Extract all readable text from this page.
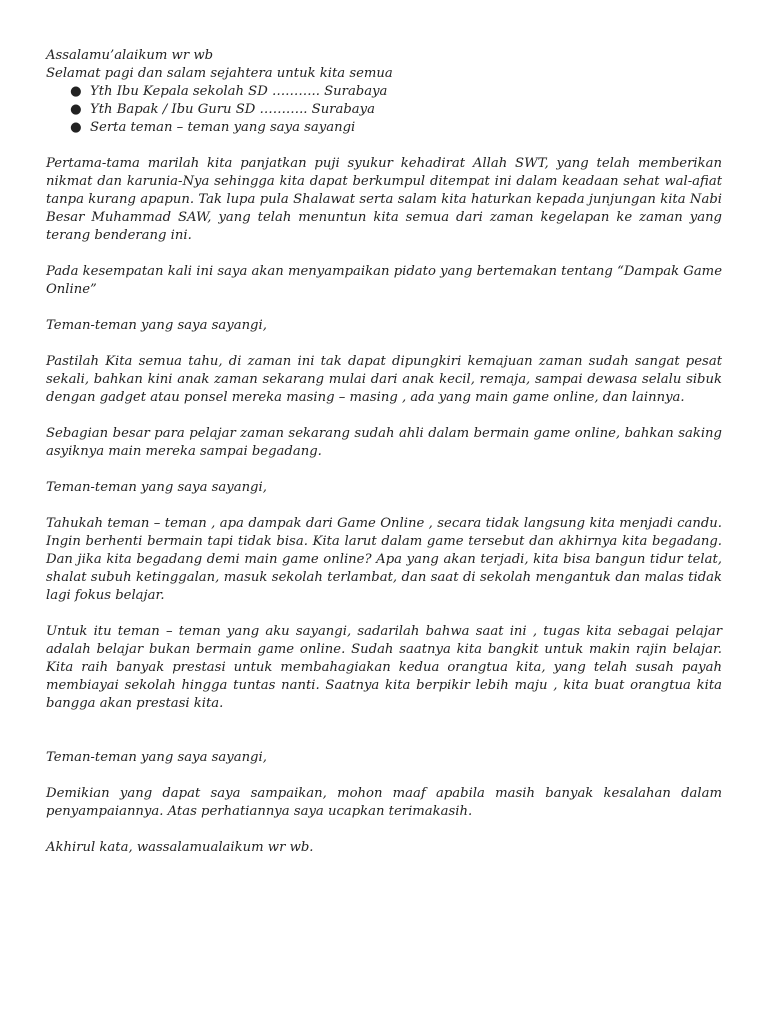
Assalamu’alaikum wr wb
Selamat pagi dan salam sejahtera untuk kita semua
● Yth Ibu Kepala sekolah SD ……….. Surabaya
● Yth Bapak / Ibu Guru SD ……….. Surabaya
● Serta teman – teman yang saya sayangi

Pertama-tama marilah kita panjatkan puji syukur kehadirat Allah SWT, yang telah memberikan nikmat dan karunia-Nya sehingga kita dapat berkumpul ditempat ini dalam keadaan sehat wal-afiat tanpa kurang apapun. Tak lupa pula Shalawat serta salam kita haturkan kepada junjungan kita Nabi Besar Muhammad SAW, yang telah menuntun kita semua dari zaman kegelapan ke zaman yang terang benderang ini.

Pada kesempatan kali ini saya akan menyampaikan pidato yang bertemakan tentang “Dampak Game Online”

Teman-teman yang saya sayangi,

Pastilah Kita semua tahu, di zaman ini tak dapat dipungkiri kemajuan zaman sudah sangat pesat sekali, bahkan kini anak zaman sekarang mulai dari anak kecil, remaja, sampai dewasa selalu sibuk dengan gadget atau ponsel mereka masing – masing , ada yang main game online, dan lainnya.

Sebagian besar para pelajar zaman sekarang sudah ahli dalam bermain game online, bahkan saking asyiknya main mereka sampai begadang.

Teman-teman yang saya sayangi,

Tahukah teman – teman , apa dampak dari Game Online , secara tidak langsung kita menjadi candu. Ingin berhenti bermain tapi tidak bisa. Kita larut dalam game tersebut dan akhirnya kita begadang. Dan jika kita begadang demi main game online? Apa yang akan terjadi, kita bisa bangun tidur telat, shalat subuh ketinggalan, masuk sekolah terlambat, dan saat di sekolah mengantuk dan malas tidak lagi fokus belajar.

Untuk itu teman – teman yang aku sayangi, sadarilah bahwa saat ini , tugas kita sebagai pelajar adalah belajar bukan bermain game online. Sudah saatnya kita bangkit untuk makin rajin belajar. Kita raih banyak prestasi untuk membahagiakan kedua orangtua kita, yang telah susah payah membiayai sekolah hingga tuntas nanti. Saatnya kita berpikir lebih maju , kita buat orangtua kita bangga akan prestasi kita.

Teman-teman yang saya sayangi,

Demikian yang dapat saya sampaikan, mohon maaf apabila masih banyak kesalahan dalam penyampaiannya. Atas perhatiannya saya ucapkan terimakasih.

Akhirul kata, wassalamualaikum wr wb.
